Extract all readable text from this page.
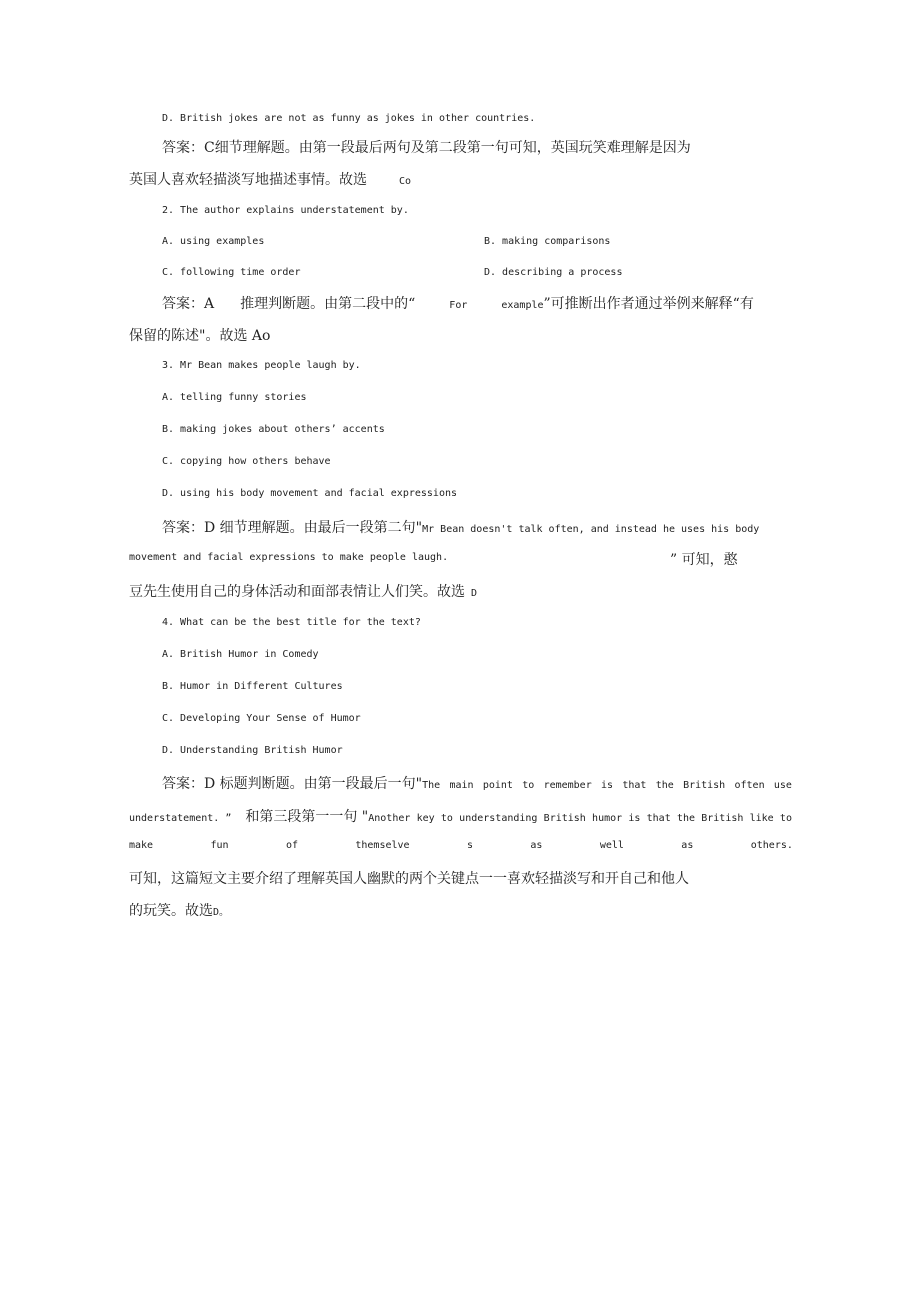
D. British jokes are not as funny as jokes in other countries.
答案：C细节理解题。由第一段最后两句及第二段第一句可知，英国玩笑难理解是因为
英国人喜欢轻描淡写地描述事情。故选	Co
2. The author explains understatement by.
A. using examples	B. making comparisons
C. following time order	D. describing a process
答案：A 推理判断题。由第二段中的“	For	example”可推断出作者通过举例来解释“有
保留的陈述"。故选 Ao
3. Mr Bean makes people laugh by.
A. telling funny stories
B. making jokes about others’ accents
C. copying how others behave
D. using his body movement and facial expressions
答案：D 细节理解题。由最后一段第二句"Mr Bean doesn't talk often, and instead he uses his body
movement and facial expressions to make people laugh.	” 可知，憨
豆先生使用自己的身体活动和面部表情让人们笑。故选 D
4. What can be the best title for the text?
A. British Humor in Comedy
B. Humor in Different Cultures
C. Developing Your Sense of Humor
D. Understanding British Humor
答案：D 标题判断题。由第一段最后一句" The main point to remember is that the British often use
understatement. ” 和第三段第一一句 " Another key to understanding British humor is that the British like to
make	fun	of	themselve	s	as	well	as	others.
可知，这篇短文主要介绍了理解英国人幽默的两个关键点一一喜欢轻描淡写和开自己和他人
的玩笑。故选D。
